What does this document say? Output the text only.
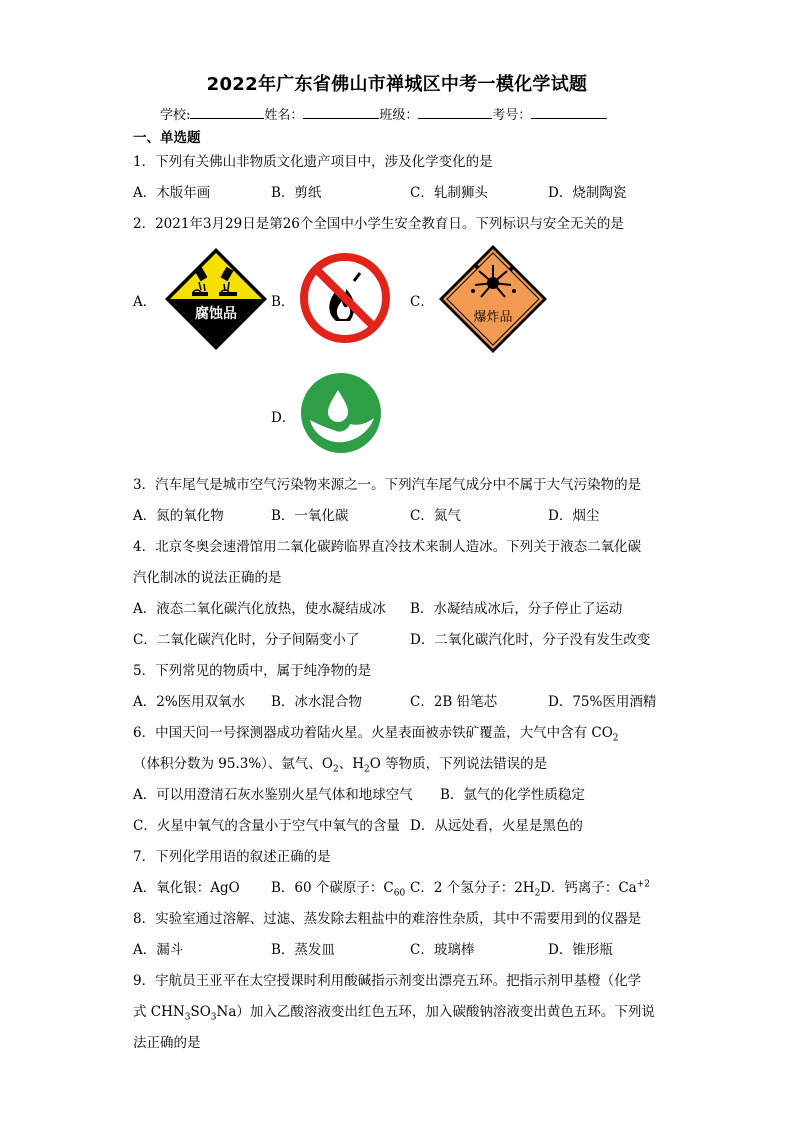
2022年广东省佛山市禅城区中考一模化学试题
学校:	姓名：	班级：	考号：
一、单选题
1．下列有关佛山非物质文化遗产项目中，涉及化学变化的是
A．木版年画	B．剪纸	C．轧制狮头	D．烧制陶瓷
2．2021年3月29日是第26个全国中小学生安全教育日。下列标识与安全无关的是
A．
腐蚀品
B．	C．
爆炸品
D．
3．汽车尾气是城市空气污染物来源之一。下列汽车尾气成分中不属于大气污染物的是
A．氮的氧化物	B．一氧化碳	C．氮气	D．烟尘
4．北京冬奥会速滑馆用二氧化碳跨临界直冷技术来制人造冰。下列关于液态二氧化碳
汽化制冰的说法正确的是
A．液态二氧化碳汽化放热，使水凝结成冰 B．水凝结成冰后，分子停止了运动
C．二氧化碳汽化时，分子间隔变小了	D．二氧化碳汽化时，分子没有发生改变
5．下列常见的物质中，属于纯净物的是
A．2%医用双氧水 B．冰水混合物	C．2B 铅笔芯	D．75%医用酒精
6．中国天问一号探测器成功着陆火星。火星表面被赤铁矿覆盖，大气中含有 $CO_2$
（体积分数为 95.3%）、氩气、$O_2$、$H_2O$ 等物质，下列说法错误的是
A．可以用澄清石灰水鉴别火星气体和地球空气 B．氩气的化学性质稳定
C．火星中氧气的含量小于空气中氧气的含量 D．从远处看，火星是黑色的
7．下列化学用语的叙述正确的是
A．氧化银：AgO B．60 个碳原子：$C_{60}$ C．2 个氢分子：$2H_2$ D．钙离子：$Ca^{+2}$
8．实验室通过溶解、过滤、蒸发除去粗盐中的难溶性杂质，其中不需要用到的仪器是
A．漏斗	B．蒸发皿	C．玻璃棒	D．锥形瓶
9．宇航员王亚平在太空授课时利用酸碱指示剂变出漂亮五环。把指示剂甲基橙（化学
式 $CHN_3SO_3Na$）加入乙酸溶液变出红色五环，加入碳酸钠溶液变出黄色五环。下列说
法正确的是
